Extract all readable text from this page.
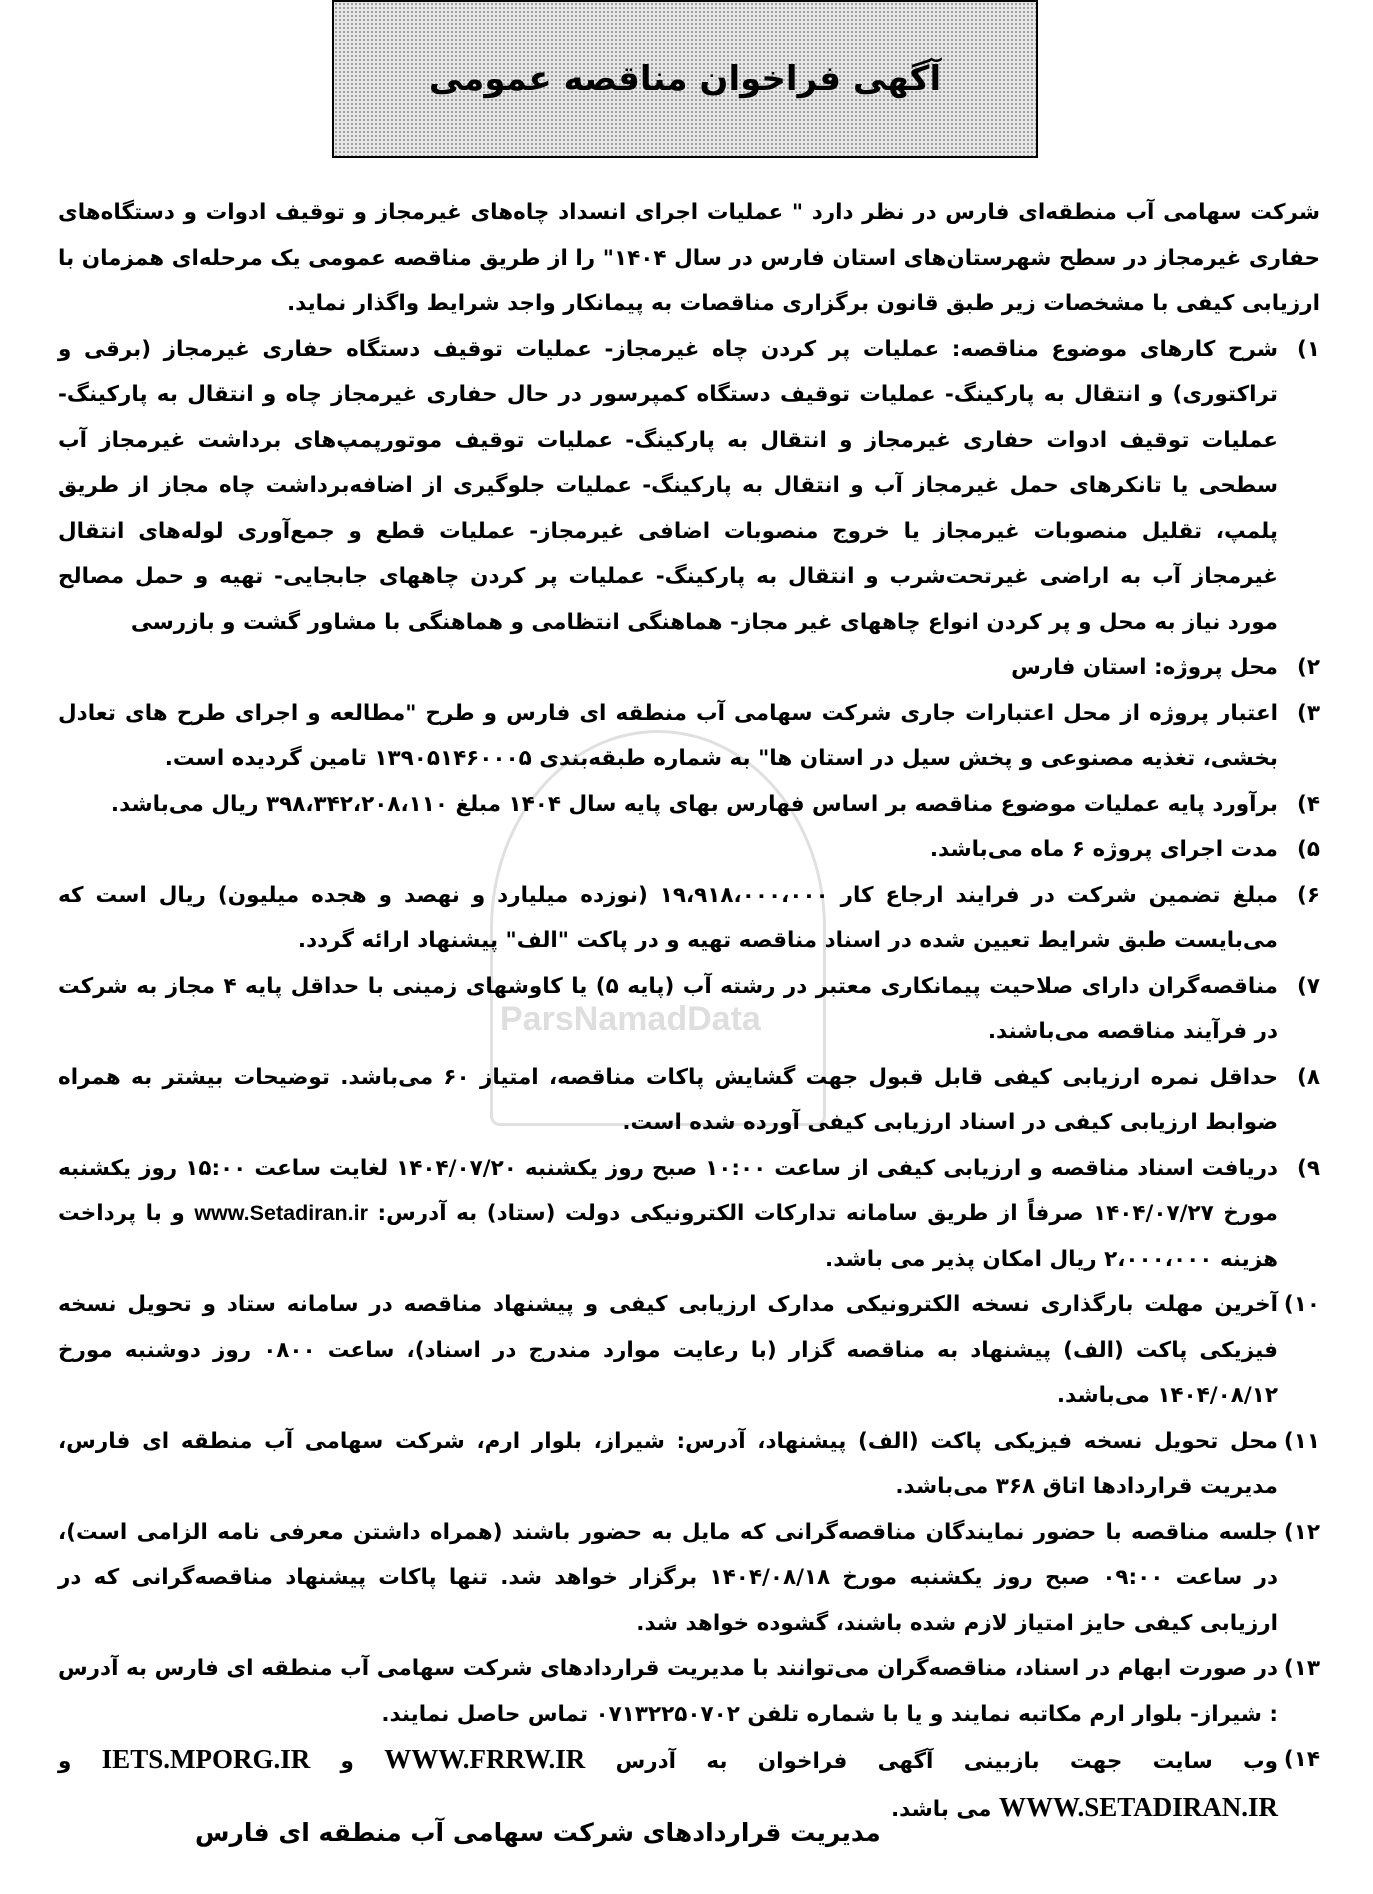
آگهی فراخوان مناقصه عمومی
ParsNamadData

شرکت سهامی آب منطقه‌ای فارس در نظر دارد " عملیات اجرای انسداد چاه‌های غیرمجاز و توقیف ادوات و دستگاه‌های حفاری غیرمجاز در سطح شهرستان‌های استان فارس در سال ۱۴۰۴" را از طریق مناقصه عمومی یک مرحله‌ای همزمان با ارزیابی کیفی با مشخصات زیر طبق قانون برگزاری مناقصات به پیمانکار واجد شرایط واگذار نماید.

۱)
شرح کارهای موضوع مناقصه: عملیات پر کردن چاه غیرمجاز- عملیات توقیف دستگاه حفاری غیرمجاز (برقی و تراکتوری) و انتقال به پارکینگ- عملیات توقیف دستگاه کمپرسور در حال حفاری غیرمجاز چاه و انتقال به پارکینگ- عملیات توقیف ادوات حفاری غیرمجاز و انتقال به پارکینگ- عملیات توقیف موتورپمپ‌های برداشت غیرمجاز آب سطحی یا تانکرهای حمل غیرمجاز آب و انتقال به پارکینگ- عملیات جلوگیری از اضافه‌برداشت چاه مجاز از طریق پلمپ، تقلیل منصوبات غیرمجاز یا خروج منصوبات اضافی غیرمجاز- عملیات قطع و جمع‌آوری لوله‌های انتقال غیرمجاز آب به اراضی غیرتحت‌شرب و انتقال به پارکینگ- عملیات پر کردن چاههای جابجایی- تهیه و حمل مصالح مورد نیاز به محل و پر کردن انواع چاههای غیر مجاز- هماهنگی انتظامی و هماهنگی با مشاور گشت و بازرسی
۲)
محل پروژه: استان فارس
۳)
اعتبار پروژه از محل اعتبارات جاری شرکت سهامی آب منطقه ای فارس و طرح "مطالعه و اجرای طرح های تعادل بخشی، تغذیه مصنوعی و پخش سیل در استان ها" به شماره طبقه‌بندی ۱۳۹۰۵۱۴۶۰۰۰۵ تامین گردیده است.
۴)
برآورد پایه عملیات موضوع مناقصه بر اساس فهارس بهای پایه سال ۱۴۰۴ مبلغ ۳۹۸،۳۴۲،۲۰۸،۱۱۰ ریال می‌باشد.
۵)
مدت اجرای پروژه ۶ ماه می‌باشد.
۶)
مبلغ تضمین شرکت در فرایند ارجاع کار ۱۹،۹۱۸،۰۰۰،۰۰۰ (نوزده میلیارد و نهصد و هجده میلیون) ریال است که می‌بایست طبق شرایط تعیین شده در اسناد مناقصه تهیه و در پاکت "الف" پیشنهاد ارائه گردد.
۷)
مناقصه‌گران دارای صلاحیت پیمانکاری معتبر در رشته آب (پایه ۵) یا کاوشهای زمینی با حداقل پایه ۴ مجاز به شرکت در فرآیند مناقصه می‌باشند.
۸)
حداقل نمره ارزیابی کیفی قابل قبول جهت گشایش پاکات مناقصه، امتیاز ۶۰ می‌باشد. توضیحات بیشتر به همراه ضوابط ارزیابی کیفی در اسناد ارزیابی کیفی آورده شده است.
۹)
دریافت اسناد مناقصه و ارزیابی کیفی از ساعت ۱۰:۰۰ صبح روز یکشنبه ۱۴۰۴/۰۷/۲۰ لغایت ساعت ۱۵:۰۰ روز یکشنبه مورخ ۱۴۰۴/۰۷/۲۷ صرفاً از طریق سامانه تدارکات الکترونیکی دولت (ستاد) به آدرس: www.Setadiran.ir و با پرداخت هزینه ۲،۰۰۰،۰۰۰ ریال امکان پذیر می باشد.
۱۰)
آخرین مهلت بارگذاری نسخه الکترونیکی مدارک ارزیابی کیفی و پیشنهاد مناقصه در سامانه ستاد و تحویل نسخه فیزیکی پاکت (الف) پیشنهاد به مناقصه گزار (با رعایت موارد مندرج در اسناد)، ساعت ۰۸۰۰ روز دوشنبه مورخ ۱۴۰۴/۰۸/۱۲ می‌باشد.
۱۱)
محل تحویل نسخه فیزیکی پاکت (الف) پیشنهاد، آدرس: شیراز، بلوار ارم، شرکت سهامی آب منطقه ای فارس، مدیریت قراردادها اتاق ۳۶۸ می‌باشد.
۱۲)
جلسه مناقصه با حضور نمایندگان مناقصه‌گرانی که مایل به حضور باشند (همراه داشتن معرفی نامه الزامی است)، در ساعت ۰۹:۰۰ صبح روز یکشنبه مورخ ۱۴۰۴/۰۸/۱۸ برگزار خواهد شد. تنها پاکات پیشنهاد مناقصه‌گرانی که در ارزیابی کیفی حایز امتیاز لازم شده باشند، گشوده خواهد شد.
۱۳)
در صورت ابهام در اسناد، مناقصه‌گران می‌توانند با مدیریت قراردادهای شرکت سهامی آب منطقه ای فارس به آدرس : شیراز- بلوار ارم مکاتبه نمایند و یا با شماره تلفن ۰۷۱۳۲۲۵۰۷۰۲ تماس حاصل نمایند.
۱۴)
وب سایت جهت بازبینی آگهی فراخوان به آدرس WWW.FRRW.IR و IETS.MPORG.IR و WWW.SETADIRAN.IR می باشد.
مدیریت قراردادهای شرکت سهامی آب منطقه ای فارس
